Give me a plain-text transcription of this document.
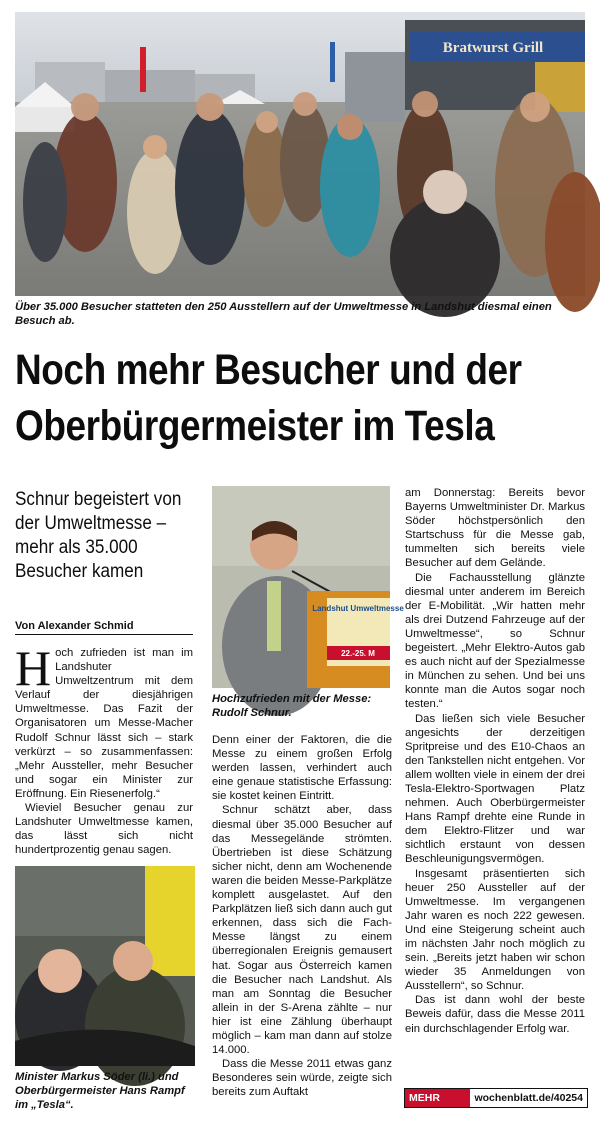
Bratwurst Grill
Über 35.000 Besucher statteten den 250 Ausstellern auf der Umweltmesse in Landshut diesmal einen Besuch ab.
Noch mehr Besucher und der Oberbürgermeister im Tesla
Schnur begeistert von der Umweltmesse – mehr als 35.000 Besucher kamen
Von Alexander Schmid

Hoch zufrieden ist man im Landshuter Umweltzentrum mit dem Verlauf der diesjährigen Umweltmesse. Das Fazit der Organisatoren um Messe-Macher Rudolf Schnur lässt sich – stark verkürzt – so zusammenfassen: „Mehr Aussteller, mehr Besucher und sogar ein Minister zur Eröffnung. Ein Riesenerfolg.“

Wieviel Besucher genau zur Landshuter Umweltmesse kamen, das lässt sich nicht hundertprozentig genau sagen.

Minister Markus Söder (li.) und Oberbürgermeister Hans Rampf im „Tesla“.
Landshut Umweltmesse
22.-25. M
Hochzufrieden mit der Messe: Rudolf Schnur.

Denn einer der Faktoren, die die Messe zu einem großen Erfolg werden lassen, verhindert auch eine genaue statistische Erfassung: sie kostet keinen Eintritt.

Schnur schätzt aber, dass diesmal über 35.000 Besucher auf das Messegelände strömten. Übertrieben ist diese Schätzung sicher nicht, denn am Wochenende waren die beiden Messe-Parkplätze komplett ausgelastet. Auf den Parkplätzen ließ sich dann auch gut erkennen, dass sich die Fach-Messe längst zu einem überregionalen Ereignis gemausert hat. Sogar aus Österreich kamen die Besucher nach Landshut. Als man am Sonntag die Besucher allein in der S-Arena zählte – nur hier ist eine Zählung überhaupt möglich – kam man dann auf stolze 14.000.

Dass die Messe 2011 etwas ganz Besonderes sein würde, zeigte sich bereits zum Auftakt

am Donnerstag: Bereits bevor Bayerns Umweltminister Dr. Markus Söder höchstpersönlich den Startschuss für die Messe gab, tummelten sich bereits viele Besucher auf dem Gelände.

Die Fachausstellung glänzte diesmal unter anderem im Bereich der E-Mobilität. „Wir hatten mehr als drei Dutzend Fahrzeuge auf der Umweltmesse“, so Schnur begeistert. „Mehr Elektro-Autos gab es auch nicht auf der Spezialmesse in München zu sehen. Und bei uns konnte man die Autos sogar noch testen.“

Das ließen sich viele Besucher angesichts der derzeitigen Spritpreise und des E10-Chaos an den Tankstellen nicht entgehen. Vor allem wollten viele in einem der drei Tesla-Elektro-Sportwagen Platz nehmen. Auch Oberbürgermeister Hans Rampf drehte eine Runde in dem Elektro-Flitzer und war sichtlich erstaunt von dessen Beschleunigungsvermögen.

Insgesamt präsentierten sich heuer 250 Aussteller auf der Umweltmesse. Im vergangenen Jahr waren es noch 222 gewesen. Und eine Steigerung scheint auch im nächsten Jahr noch möglich zu sein. „Bereits jetzt haben wir schon wieder 35 Anmeldungen von Ausstellern“, so Schnur.

Das ist dann wohl der beste Beweis dafür, dass die Messe 2011 ein durchschlagender Erfolg war.

MEHR FOTOS:
wochenblatt.de/40254
